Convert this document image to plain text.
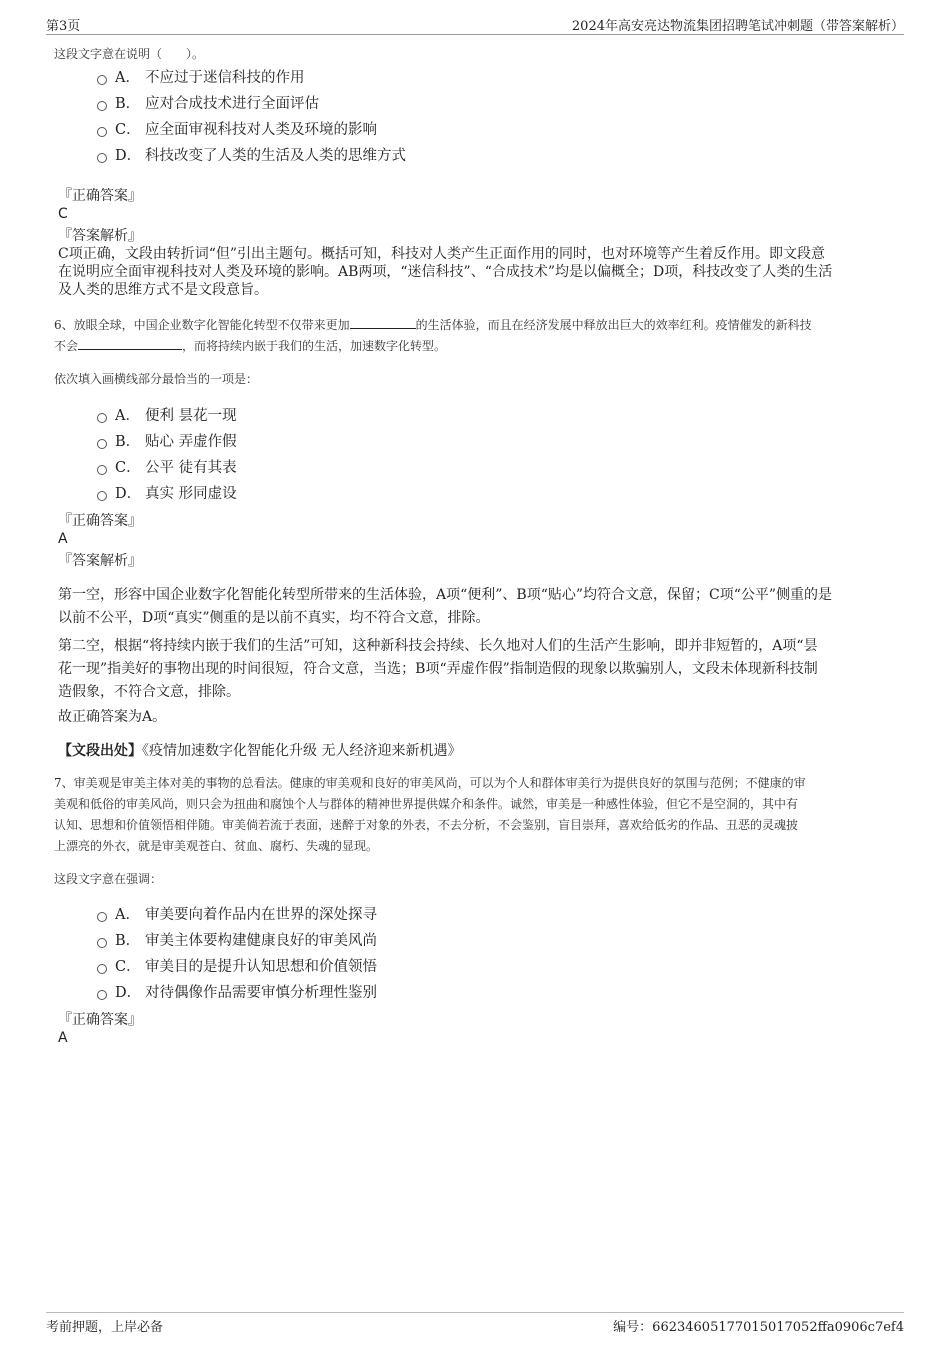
第3页	2024年高安亮达物流集团招聘笔试冲刺题（带答案解析）
这段文字意在说明（　　）。
A． 不应过于迷信科技的作用
B． 应对合成技术进行全面评估
C． 应全面审视科技对人类及环境的影响
D． 科技改变了人类的生活及人类的思维方式
『正确答案』
C
『答案解析』
C项正确，文段由转折词“但”引出主题句。概括可知，科技对人类产生正面作用的同时，也对环境等产生着反作用。即文段意
在说明应全面审视科技对人类及环境的影响。AB两项，“迷信科技”、“合成技术”均是以偏概全；D项，科技改变了人类的生活
及人类的思维方式不是文段意旨。
6、放眼全球，中国企业数字化智能化转型不仅带来更加	的生活体验，而且在经济发展中释放出巨大的效率红利。疫情催发的新科技
不会	，而将持续内嵌于我们的生活，加速数字化转型。
依次填入画横线部分最恰当的一项是：
A． 便利 昙花一现
B． 贴心 弄虚作假
C． 公平 徒有其表
D． 真实 形同虚设
『正确答案』
A
『答案解析』
第一空，形容中国企业数字化智能化转型所带来的生活体验，A项“便利”、B项“贴心”均符合文意，保留；C项“公平”侧重的是
以前不公平，D项“真实”侧重的是以前不真实，均不符合文意，排除。
第二空，根据“将持续内嵌于我们的生活”可知，这种新科技会持续、长久地对人们的生活产生影响，即并非短暂的，A项“昙
花一现”指美好的事物出现的时间很短，符合文意，当选；B项“弄虚作假”指制造假的现象以欺骗别人，文段未体现新科技制
造假象，不符合文意，排除。
故正确答案为A。
【文段出处】《疫情加速数字化智能化升级 无人经济迎来新机遇》
7、审美观是审美主体对美的事物的总看法。健康的审美观和良好的审美风尚，可以为个人和群体审美行为提供良好的氛围与范例；不健康的审
美观和低俗的审美风尚，则只会为扭曲和腐蚀个人与群体的精神世界提供媒介和条件。诚然，审美是一种感性体验，但它不是空洞的，其中有
认知、思想和价值领悟相伴随。审美倘若流于表面，迷醉于对象的外表，不去分析，不会鉴别，盲目崇拜，喜欢给低劣的作品、丑恶的灵魂披
上漂亮的外衣，就是审美观苍白、贫血、腐朽、失魂的显现。
这段文字意在强调：
A． 审美要向着作品内在世界的深处探寻
B． 审美主体要构建健康良好的审美风尚
C． 审美目的是提升认知思想和价值领悟
D． 对待偶像作品需要审慎分析理性鉴别
『正确答案』
A
考前押题，上岸必备	编号：66234605177015017052ffa0906c7ef4
